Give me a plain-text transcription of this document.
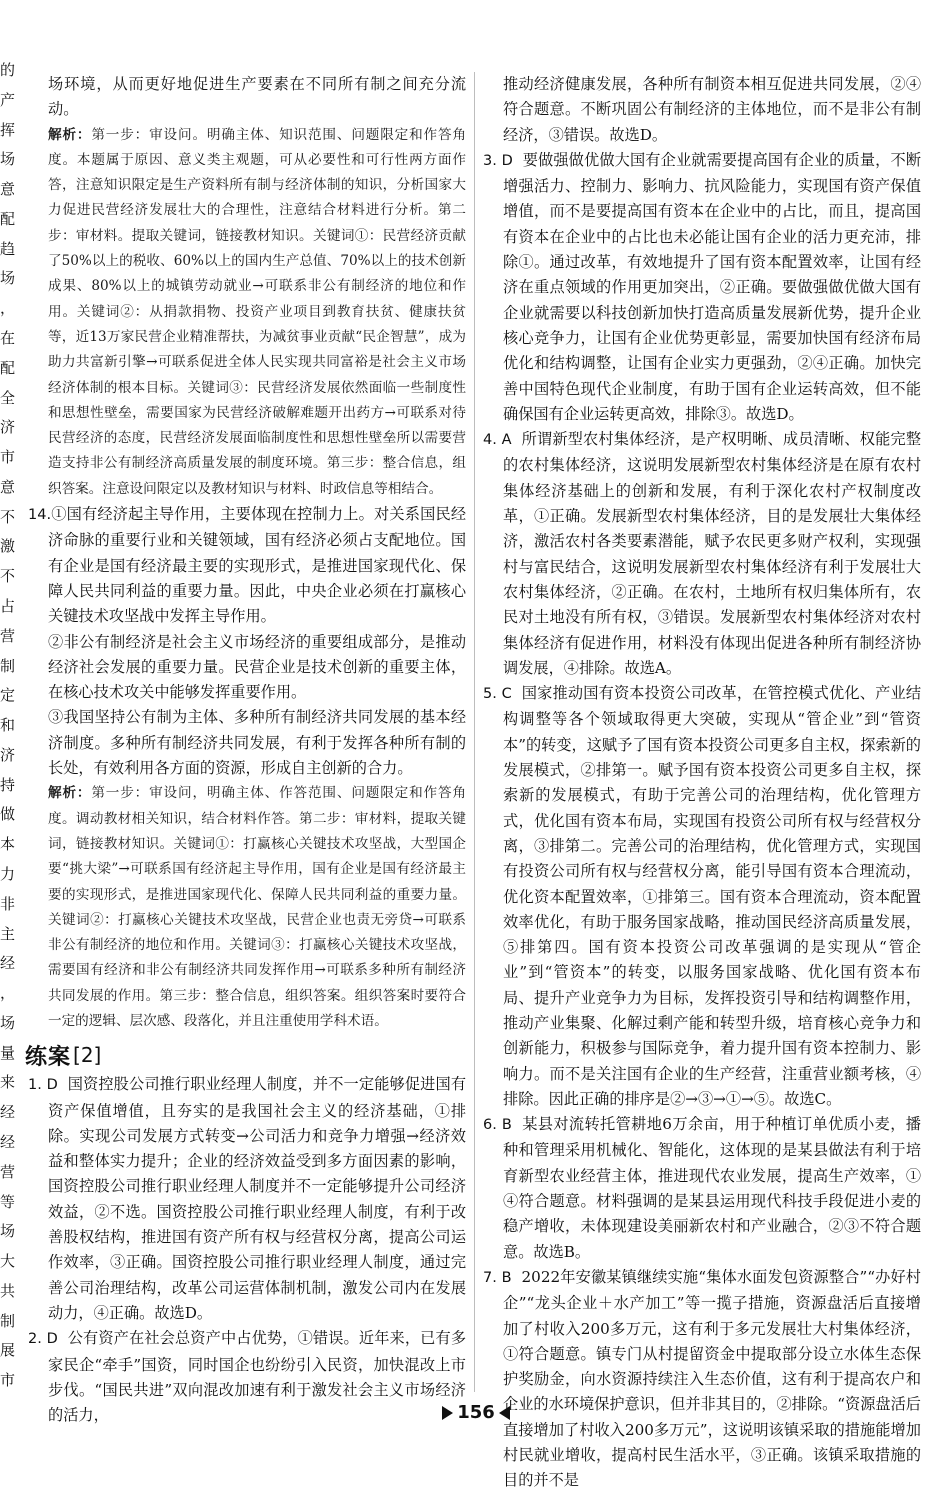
的
产
挥
场
意
配
趋
场
，
在
配
全
济
市
意
不
激
不
占
营
制
定
和
济
持
做
本
力
非
主
经
，
场
量
来
经
经
营
等
场
大
共
制
展
市

场环境，从而更好地促进生产要素在不同所有制之间充分流动。

解析：第一步：审设问。明确主体、知识范围、问题限定和作答角度。本题属于原因、意义类主观题，可从必要性和可行性两方面作答，注意知识限定是生产资料所有制与经济体制的知识，分析国家大力促进民营经济发展壮大的合理性，注意结合材料进行分析。第二步：审材料。提取关键词，链接教材知识。关键词①：民营经济贡献了50%以上的税收、60%以上的国内生产总值、70%以上的技术创新成果、80%以上的城镇劳动就业→可联系非公有制经济的地位和作用。关键词②：从捐款捐物、投资产业项目到教育扶贫、健康扶贫等，近13万家民营企业精准帮扶，为减贫事业贡献“民企智慧”，成为助力共富新引擎→可联系促进全体人民实现共同富裕是社会主义市场经济体制的根本目标。关键词③：民营经济发展依然面临一些制度性和思想性壁垒，需要国家为民营经济破解难题开出药方→可联系对待民营经济的态度，民营经济发展面临制度性和思想性壁垒所以需要营造支持非公有制经济高质量发展的制度环境。第三步：整合信息，组织答案。注意设问限定以及教材知识与材料、时政信息等相结合。

14.①国有经济起主导作用，主要体现在控制力上。对关系国民经济命脉的重要行业和关键领域，国有经济必须占支配地位。国有企业是国有经济最主要的实现形式，是推进国家现代化、保障人民共同利益的重要力量。因此，中央企业必须在打赢核心关键技术攻坚战中发挥主导作用。

②非公有制经济是社会主义市场经济的重要组成部分，是推动经济社会发展的重要力量。民营企业是技术创新的重要主体，在核心技术攻关中能够发挥重要作用。

③我国坚持公有制为主体、多种所有制经济共同发展的基本经济制度。多种所有制经济共同发展，有利于发挥各种所有制的长处，有效利用各方面的资源，形成自主创新的合力。

解析：第一步：审设问，明确主体、作答范围、问题限定和作答角度。调动教材相关知识，结合材料作答。第二步：审材料，提取关键词，链接教材知识。关键词①：打赢核心关键技术攻坚战，大型国企要“挑大梁”→可联系国有经济起主导作用，国有企业是国有经济最主要的实现形式，是推进国家现代化、保障人民共同利益的重要力量。关键词②：打赢核心关键技术攻坚战，民营企业也责无旁贷→可联系非公有制经济的地位和作用。关键词③：打赢核心关键技术攻坚战，需要国有经济和非公有制经济共同发挥作用→可联系多种所有制经济共同发展的作用。第三步：整合信息，组织答案。组织答案时要符合一定的逻辑、层次感、段落化，并且注重使用学科术语。

练案 [2]

1. D 国资控股公司推行职业经理人制度，并不一定能够促进国有资产保值增值，且夯实的是我国社会主义的经济基础，①排除。实现公司发展方式转变→公司活力和竞争力增强→经济效益和整体实力提升；企业的经济效益受到多方面因素的影响，国资控股公司推行职业经理人制度并不一定能够提升公司经济效益，②不选。国资控股公司推行职业经理人制度，有利于改善股权结构，推进国有资产所有权与经营权分离，提高公司运作效率，③正确。国资控股公司推行职业经理人制度，通过完善公司治理结构，改革公司运营体制机制，激发公司内在发展动力，④正确。故选D。

2. D 公有资产在社会总资产中占优势，①错误。近年来，已有多家民企“牵手”国资，同时国企也纷纷引入民资，加快混改上市步伐。“国民共进”双向混改加速有利于激发社会主义市场经济的活力，

推动经济健康发展，各种所有制资本相互促进共同发展，②④符合题意。不断巩固公有制经济的主体地位，而不是非公有制经济，③错误。故选D。

3. D 要做强做优做大国有企业就需要提高国有企业的质量，不断增强活力、控制力、影响力、抗风险能力，实现国有资产保值增值，而不是要提高国有资本在企业中的占比，而且，提高国有资本在企业中的占比也未必能让国有企业的活力更充沛，排除①。通过改革，有效地提升了国有资本配置效率，让国有经济在重点领域的作用更加突出，②正确。要做强做优做大国有企业就需要以科技创新加快打造高质量发展新优势，提升企业核心竞争力，让国有企业优势更彰显，需要加快国有经济布局优化和结构调整，让国有企业实力更强劲，②④正确。加快完善中国特色现代企业制度，有助于国有企业运转高效，但不能确保国有企业运转更高效，排除③。故选D。

4. A 所谓新型农村集体经济，是产权明晰、成员清晰、权能完整的农村集体经济，这说明发展新型农村集体经济是在原有农村集体经济基础上的创新和发展，有利于深化农村产权制度改革，①正确。发展新型农村集体经济，目的是发展壮大集体经济，激活农村各类要素潜能，赋予农民更多财产权利，实现强村与富民结合，这说明发展新型农村集体经济有利于发展壮大农村集体经济，②正确。在农村，土地所有权归集体所有，农民对土地没有所有权，③错误。发展新型农村集体经济对农村集体经济有促进作用，材料没有体现出促进各种所有制经济协调发展，④排除。故选A。

5. C 国家推动国有资本投资公司改革，在管控模式优化、产业结构调整等各个领域取得更大突破，实现从“管企业”到“管资本”的转变，这赋予了国有资本投资公司更多自主权，探索新的发展模式，②排第一。赋予国有资本投资公司更多自主权，探索新的发展模式，有助于完善公司的治理结构，优化管理方式，优化国有资本布局，实现国有投资公司所有权与经营权分离，③排第二。完善公司的治理结构，优化管理方式，实现国有投资公司所有权与经营权分离，能引导国有资本合理流动，优化资本配置效率，①排第三。国有资本合理流动，资本配置效率优化，有助于服务国家战略，推动国民经济高质量发展，⑤排第四。国有资本投资公司改革强调的是实现从“管企业”到“管资本”的转变，以服务国家战略、优化国有资本布局、提升产业竞争力为目标，发挥投资引导和结构调整作用，推动产业集聚、化解过剩产能和转型升级，培育核心竞争力和创新能力，积极参与国际竞争，着力提升国有资本控制力、影响力。而不是关注国有企业的生产经营，注重营业额考核，④排除。因此正确的排序是②→③→①→⑤。故选C。

6. B 某县对流转托管耕地6万余亩，用于种植订单优质小麦，播种和管理采用机械化、智能化，这体现的是某县做法有利于培育新型农业经营主体，推进现代农业发展，提高生产效率，①④符合题意。材料强调的是某县运用现代科技手段促进小麦的稳产增收，未体现建设美丽新农村和产业融合，②③不符合题意。故选B。

7. B 2022年安徽某镇继续实施“集体水面发包资源整合”“办好村企”“龙头企业＋水产加工”等一揽子措施，资源盘活后直接增加了村收入200多万元，这有利于多元发展壮大村集体经济，①符合题意。镇专门从村提留资金中提取部分设立水体生态保护奖励金，向水资源持续注入生态价值，这有利于提高农户和企业的水环境保护意识，但并非其目的，②排除。“资源盘活后直接增加了村收入200多万元”，这说明该镇采取的措施能增加村民就业增收，提高村民生活水平，③正确。该镇采取措施的目的并不是

156
